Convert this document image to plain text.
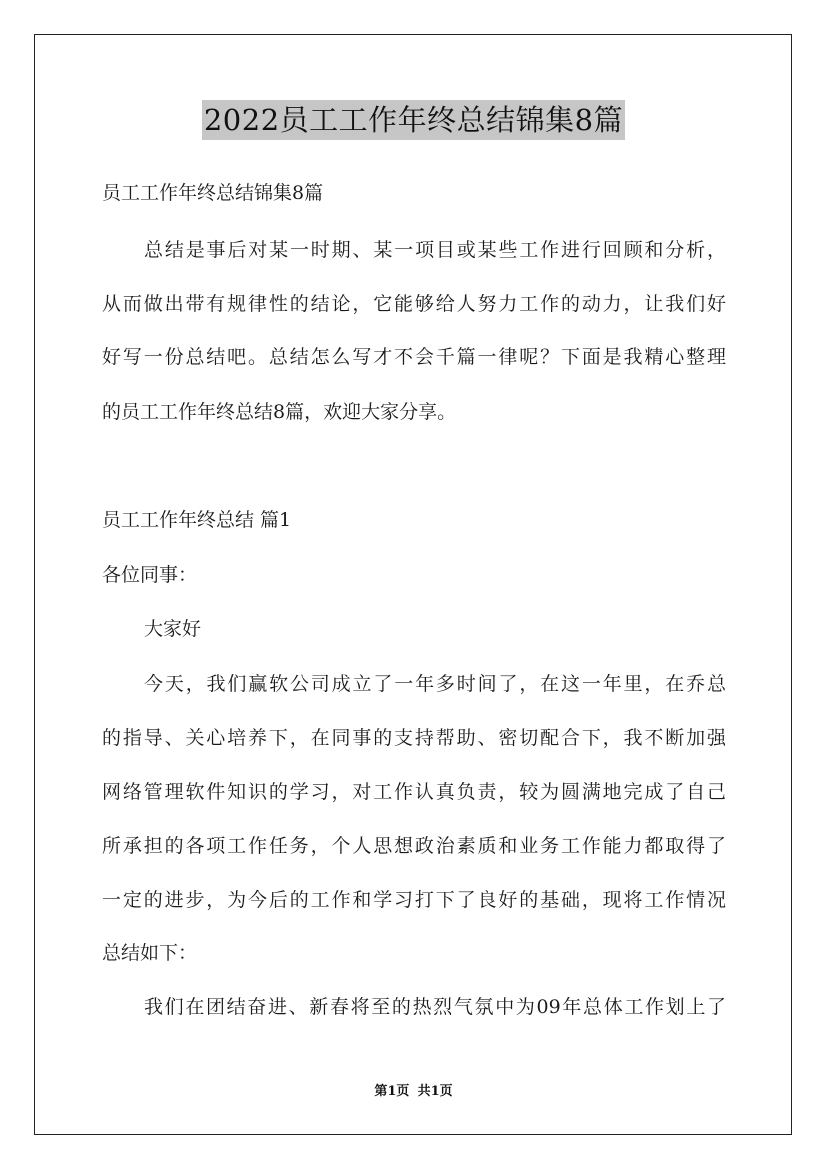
2022员工工作年终总结锦集8篇
员工工作年终总结锦集8篇
总结是事后对某一时期、某一项目或某些工作进行回顾和分析，
从而做出带有规律性的结论，它能够给人努力工作的动力，让我们好
好写一份总结吧。总结怎么写才不会千篇一律呢？下面是我精心整理
的员工工作年终总结8篇，欢迎大家分享。
员工工作年终总结 篇1
各位同事：
大家好
今天，我们赢软公司成立了一年多时间了，在这一年里，在乔总
的指导、关心培养下，在同事的支持帮助、密切配合下，我不断加强
网络管理软件知识的学习，对工作认真负责，较为圆满地完成了自己
所承担的各项工作任务，个人思想政治素质和业务工作能力都取得了
一定的进步，为今后的工作和学习打下了良好的基础，现将工作情况
总结如下：
我们在团结奋进、新春将至的热烈气氛中为09年总体工作划上了
第1页 共1页
